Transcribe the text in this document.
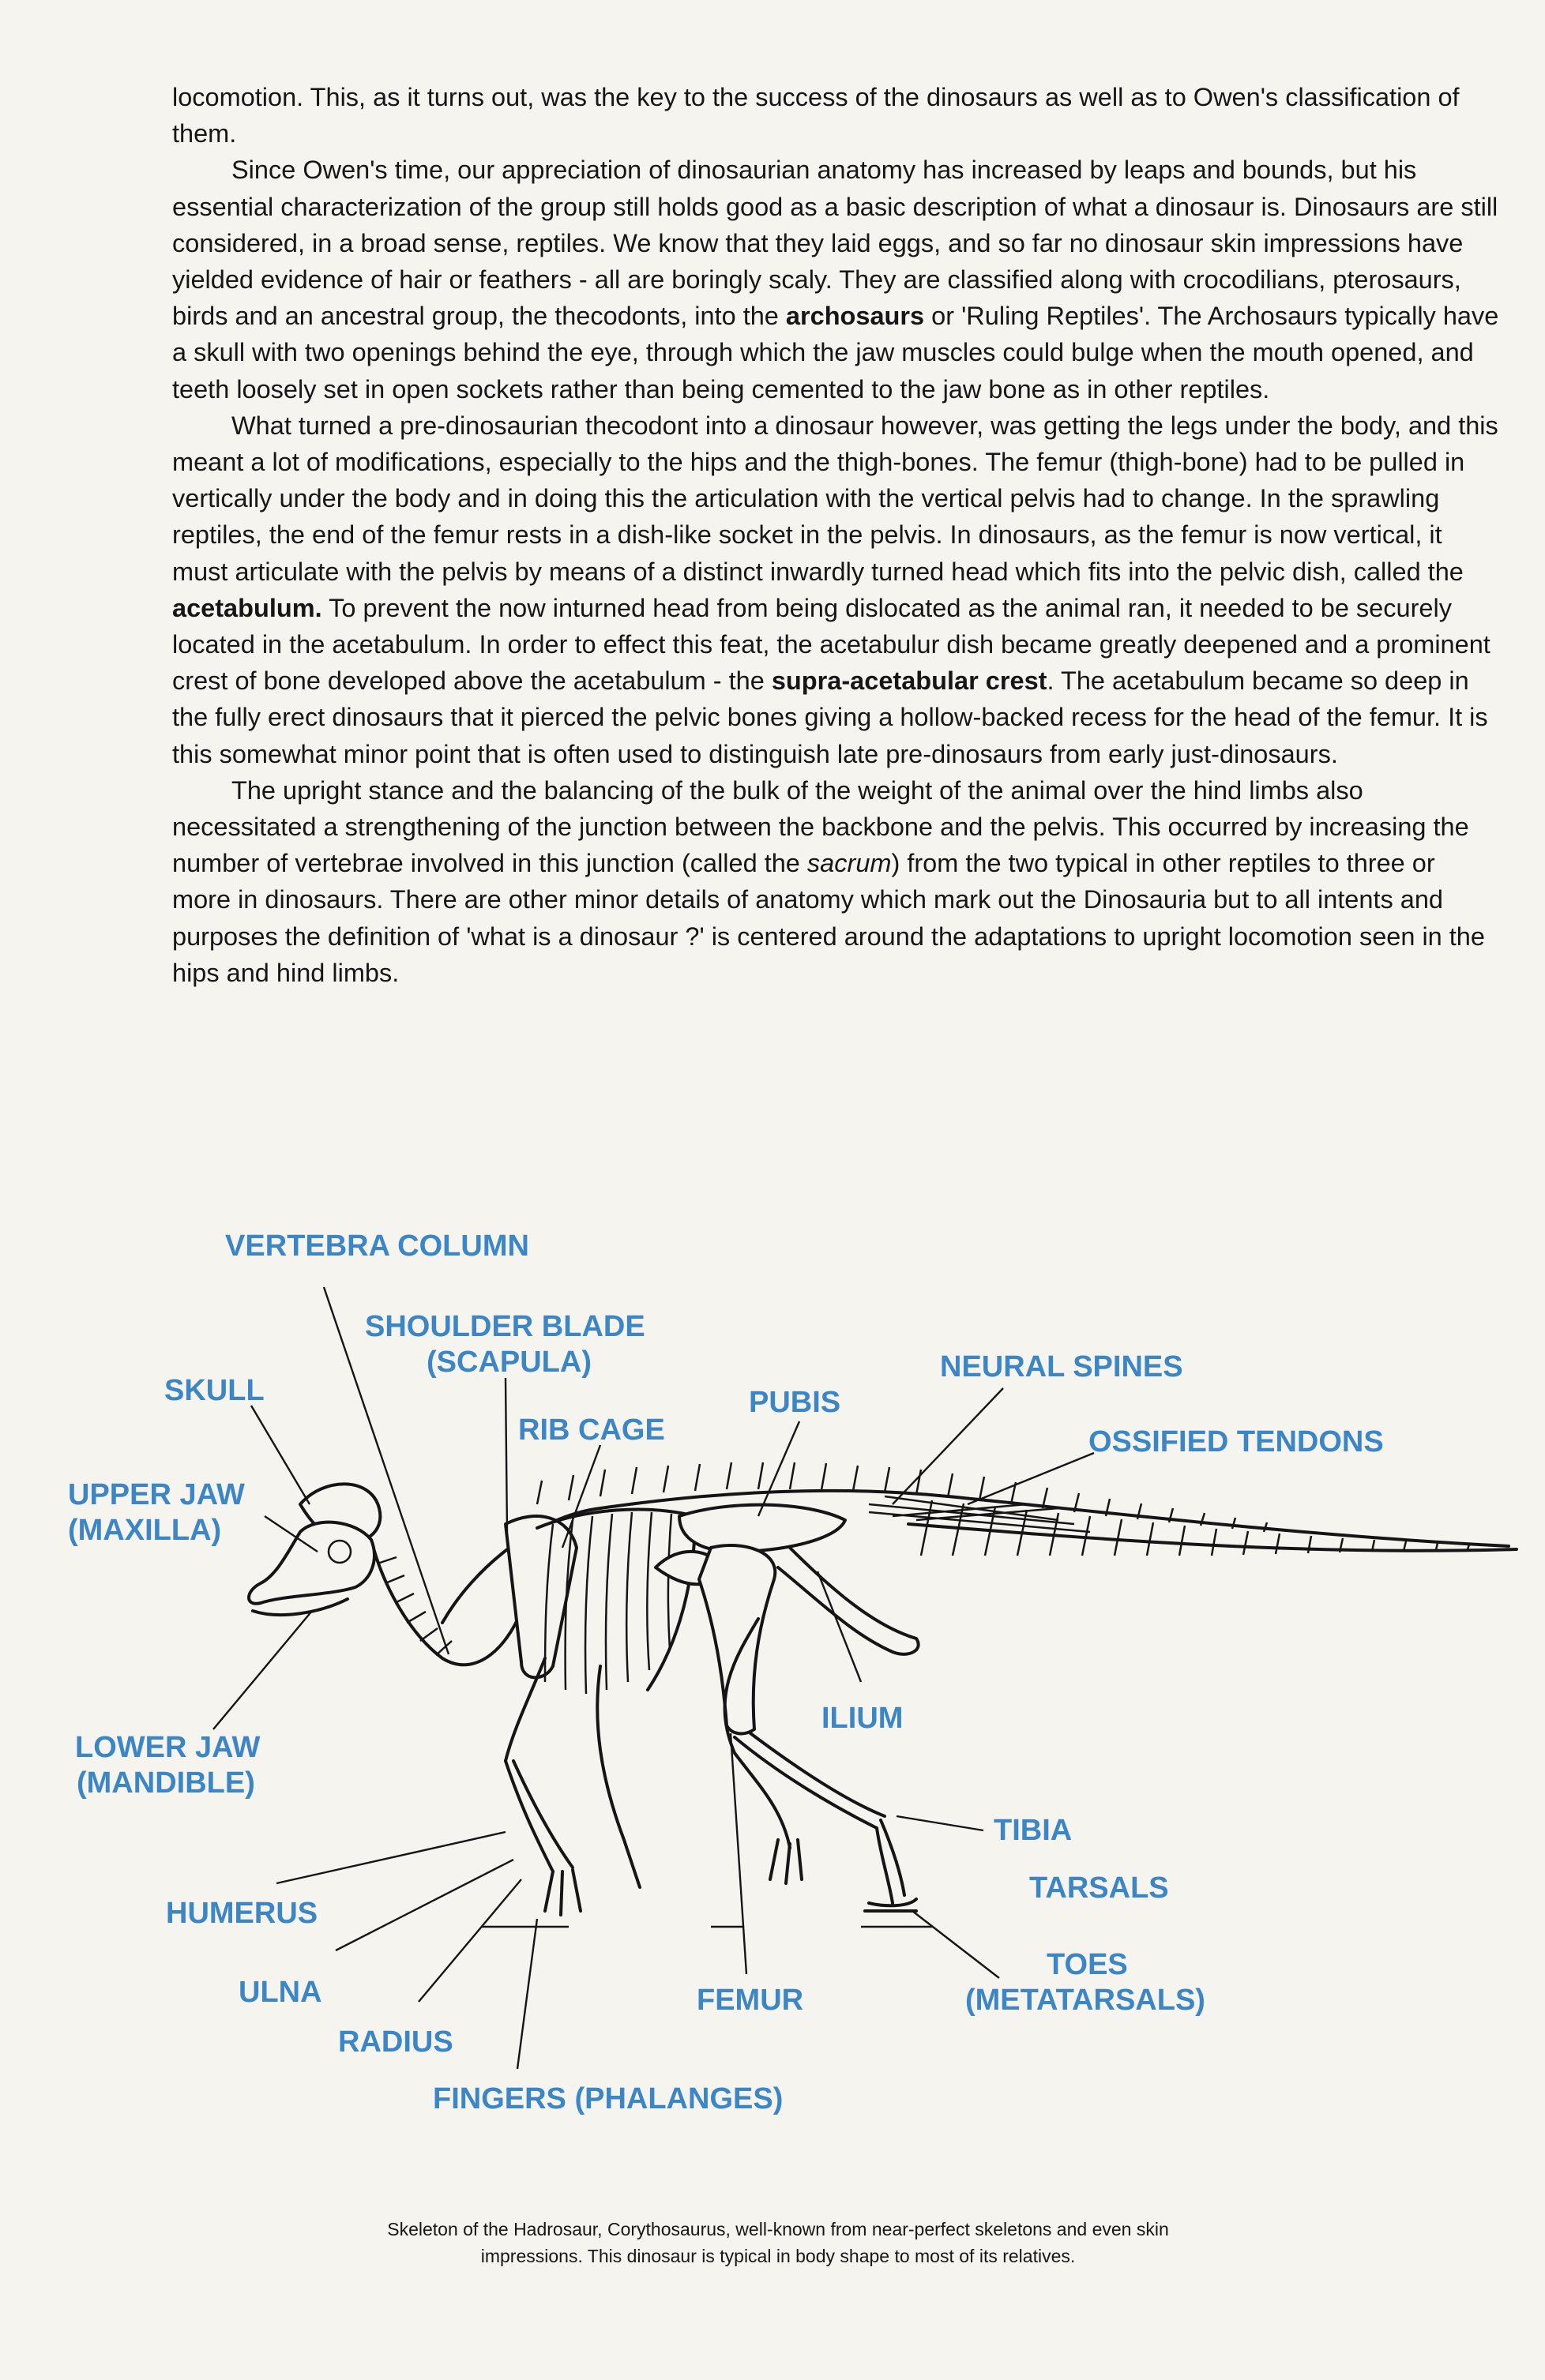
locomotion. This, as it turns out, was the key to the success of the dinosaurs as well as to Owen's classification of them.

Since Owen's time, our appreciation of dinosaurian anatomy has increased by leaps and bounds, but his essential characterization of the group still holds good as a basic description of what a dinosaur is. Dinosaurs are still considered, in a broad sense, reptiles. We know that they laid eggs, and so far no dinosaur skin impressions have yielded evidence of hair or feathers - all are boringly scaly. They are classified along with crocodilians, pterosaurs, birds and an ancestral group, the thecodonts, into the archosaurs or 'Ruling Reptiles'. The Archosaurs typically have a skull with two openings behind the eye, through which the jaw muscles could bulge when the mouth opened, and teeth loosely set in open sockets rather than being cemented to the jaw bone as in other reptiles.

What turned a pre-dinosaurian thecodont into a dinosaur however, was getting the legs under the body, and this meant a lot of modifications, especially to the hips and the thigh-bones. The femur (thigh-bone) had to be pulled in vertically under the body and in doing this the articulation with the vertical pelvis had to change. In the sprawling reptiles, the end of the femur rests in a dish-like socket in the pelvis. In dinosaurs, as the femur is now vertical, it must articulate with the pelvis by means of a distinct inwardly turned head which fits into the pelvic dish, called the acetabulum. To prevent the now inturned head from being dislocated as the animal ran, it needed to be securely located in the acetabulum. In order to effect this feat, the acetabulur dish became greatly deepened and a prominent crest of bone developed above the acetabulum - the supra-acetabular crest. The acetabulum became so deep in the fully erect dinosaurs that it pierced the pelvic bones giving a hollow-backed recess for the head of the femur. It is this somewhat minor point that is often used to distinguish late pre-dinosaurs from early just-dinosaurs.

The upright stance and the balancing of the bulk of the weight of the animal over the hind limbs also necessitated a strengthening of the junction between the backbone and the pelvis. This occurred by increasing the number of vertebrae involved in this junction (called the sacrum) from the two typical in other reptiles to three or more in dinosaurs. There are other minor details of anatomy which mark out the Dinosauria but to all intents and purposes the definition of 'what is a dinosaur ?' is centered around the adaptations to upright locomotion seen in the hips and hind limbs.

VERTEBRA COLUMN
SHOULDER BLADE
(SCAPULA)
SKULL
RIB CAGE
PUBIS
NEURAL SPINES
OSSIFIED TENDONS
UPPER JAW
(MAXILLA)
ILIUM
LOWER JAW
(MANDIBLE)
TIBIA
TARSALS
HUMERUS
TOES
(METATARSALS)
ULNA	FEMUR
RADIUS
FINGERS (PHALANGES)
Skeleton of the Hadrosaur, Corythosaurus, well-known from near-perfect skeletons and even skin
impressions. This dinosaur is typical in body shape to most of its relatives.
